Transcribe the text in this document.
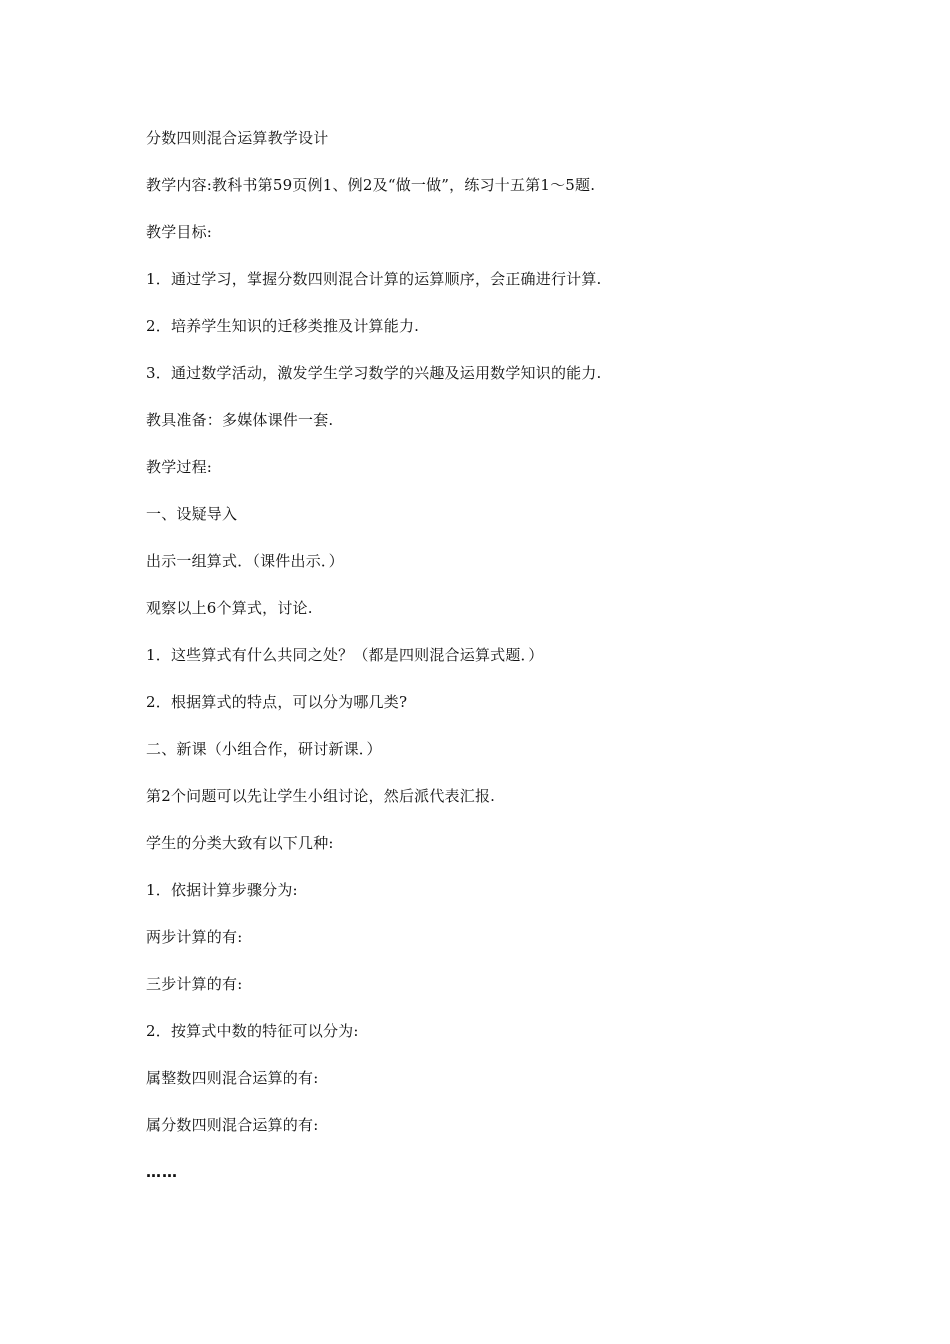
分数四则混合运算教学设计
教学内容:教科书第59页例1、例2及“做一做”，练习十五第1～5题.
教学目标:
1．通过学习，掌握分数四则混合计算的运算顺序，会正确进行计算.
2．培养学生知识的迁移类推及计算能力.
3．通过数学活动，激发学生学习数学的兴趣及运用数学知识的能力.
教具准备：多媒体课件一套.
教学过程:
一、设疑导入
出示一组算式．（课件出示．）
观察以上6个算式，讨论.
1．这些算式有什么共同之处？（都是四则混合运算式题．）
2．根据算式的特点，可以分为哪几类?
二、新课（小组合作，研讨新课．）
第2个问题可以先让学生小组讨论，然后派代表汇报.
学生的分类大致有以下几种:
1．依据计算步骤分为:
两步计算的有:
三步计算的有:
2．按算式中数的特征可以分为:
属整数四则混合运算的有:
属分数四则混合运算的有:
……
